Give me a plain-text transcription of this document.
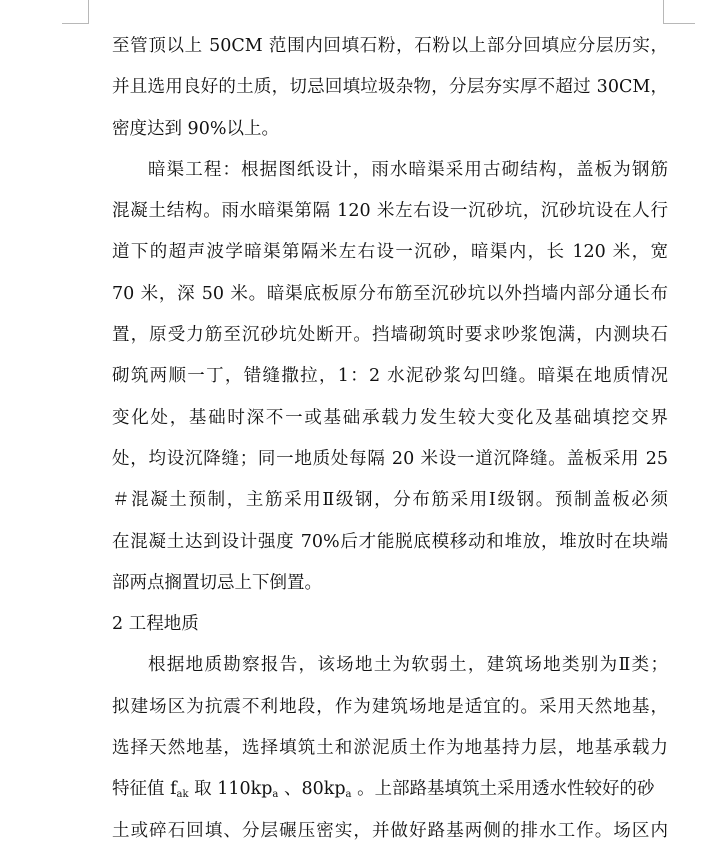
至管顶以上 50CM 范围内回填石粉，石粉以上部分回填应分层历实，
并且选用良好的土质，切忌回填垃圾杂物，分层夯实厚不超过 30CM，
密度达到 90%以上。
暗渠工程：根据图纸设计，雨水暗渠采用古砌结构，盖板为钢筋
混凝土结构。雨水暗渠第隔 120 米左右设一沉砂坑，沉砂坑设在人行
道下的超声波学暗渠第隔米左右设一沉砂，暗渠内，长 120 米，宽
70 米，深 50 米。暗渠底板原分布筋至沉砂坑以外挡墙内部分通长布
置，原受力筋至沉砂坑处断开。挡墙砌筑时要求吵浆饱满，内测块石
砌筑两顺一丁，错缝撒拉，1：2 水泥砂浆勾凹缝。暗渠在地质情况
变化处，基础时深不一或基础承载力发生较大变化及基础填挖交界
处，均设沉降缝；同一地质处每隔 20 米设一道沉降缝。盖板采用 25
＃混凝土预制，主筋采用Ⅱ级钢，分布筋采用Ⅰ级钢。预制盖板必须
在混凝土达到设计强度 70%后才能脱底模移动和堆放，堆放时在块端
部两点搁置切忌上下倒置。
2 工程地质
根据地质勘察报告，该场地土为软弱土，建筑场地类别为Ⅱ类；
拟建场区为抗震不利地段，作为建筑场地是适宜的。采用天然地基，
选择天然地基，选择填筑土和淤泥质土作为地基持力层，地基承载力
特征值 $f_{ak}$ 取 $110kp_a$ 、$80kp_a$ 。上部路基填筑土采用透水性较好的砂
土或碎石回填、分层碾压密实，并做好路基两侧的排水工作。场区内
